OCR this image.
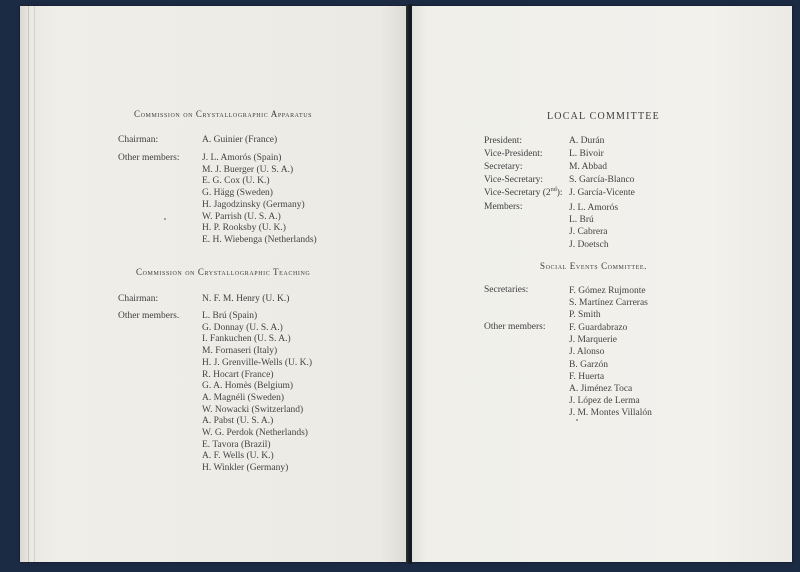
Commission on Crystallographic Apparatus
Chairman:	A. Guinier (France)
Other members: J. L. Amorós (Spain)
M. J. Buerger (U. S. A.)
E. G. Cox (U. K.)
G. Hägg (Sweden)
H. Jagodzinsky (Germany)
W. Parrish (U. S. A.)
H. P. Rooksby (U. K.)
E. H. Wiebenga (Netherlands)
Commission on Crystallographic Teaching
Chairman:	N. F. M. Henry (U. K.)
Other members. L. Brú (Spain)
G. Donnay (U. S. A.)
I. Fankuchen (U. S. A.)
M. Fornaseri (Italy)
H. J. Grenville-Wells (U. K.)
R. Hocart (France)
G. A. Homès (Belgium)
A. Magnéli (Sweden)
W. Nowacki (Switzerland)
A. Pabst (U. S. A.)
W. G. Perdok (Netherlands)
E. Tavora (Brazil)
A. F. Wells (U. K.)
H. Winkler (Germany)
LOCAL COMMITTEE
President:	A. Durán
Vice-President:	L. Bivoir
Secretary:	M. Abbad
Vice-Secretary:	S. García-Blanco
Vice-Secretary (2nd): J. García-Vicente
Members:	J. L. Amorós
L. Brú
J. Cabrera
J. Doetsch
Social Events Committee.
Secretaries:	F. Gómez Rujmonte
S. Martínez Carreras
P. Smith
Other members: F. Guardabrazo
J. Marquerie
J. Alonso
B. Garzón
F. Huerta
A. Jiménez Toca
J. López de Lerma
J. M. Montes Villalón
